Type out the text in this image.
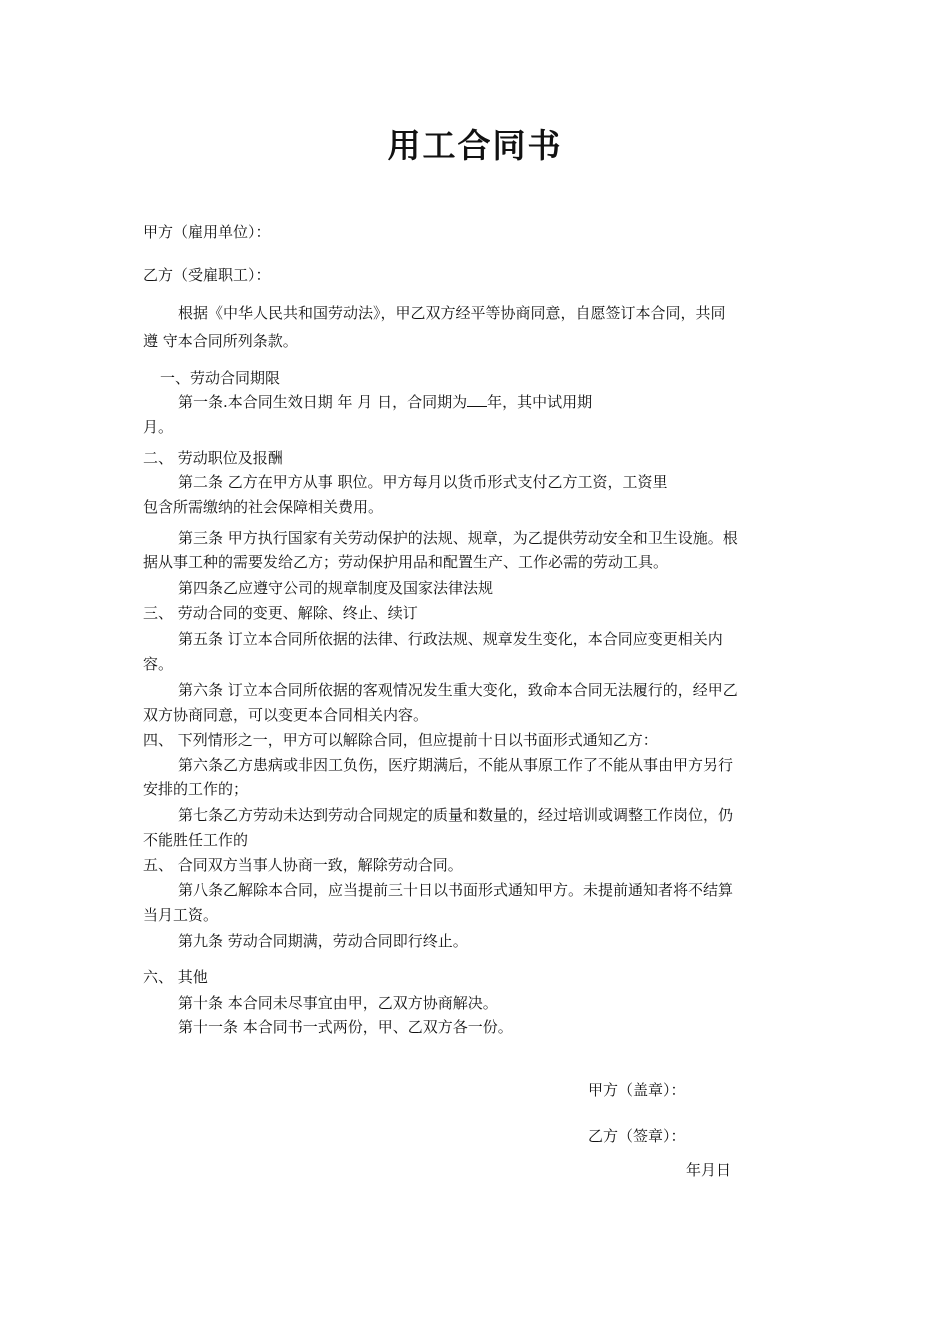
用工合同书
甲方（雇用单位）：
乙方（受雇职工）：
根据《中华人民共和国劳动法》，甲乙双方经平等协商同意，自愿签订本合同，共同
遵 守本合同所列条款。
一、劳动合同期限
第一条.本合同生效日期 年 月 日，合同期为 年，其中试用期
月。
二、 劳动职位及报酬
第二条 乙方在甲方从事 职位。甲方每月以货币形式支付乙方工资，工资里
包含所需缴纳的社会保障相关费用。
第三条 甲方执行国家有关劳动保护的法规、规章，为乙提供劳动安全和卫生设施。根
据从事工种的需要发给乙方；劳动保护用品和配置生产、工作必需的劳动工具。
第四条乙应遵守公司的规章制度及国家法律法规
三、 劳动合同的变更、解除、终止、续订
第五条 订立本合同所依据的法律、行政法规、规章发生变化，本合同应变更相关内
容。
第六条 订立本合同所依据的客观情况发生重大变化，致命本合同无法履行的，经甲乙
双方协商同意，可以变更本合同相关内容。
四、 下列情形之一，甲方可以解除合同，但应提前十日以书面形式通知乙方：
第六条乙方患病或非因工负伤，医疗期满后，不能从事原工作了不能从事由甲方另行
安排的工作的；
第七条乙方劳动未达到劳动合同规定的质量和数量的，经过培训或调整工作岗位，仍
不能胜任工作的
五、 合同双方当事人协商一致，解除劳动合同。
第八条乙解除本合同，应当提前三十日以书面形式通知甲方。未提前通知者将不结算
当月工资。
第九条 劳动合同期满，劳动合同即行终止。
六、 其他
第十条 本合同未尽事宜由甲，乙双方协商解决。
第十一条 本合同书一式两份，甲、乙双方各一份。
甲方（盖章）：
乙方（签章）：
年月日
